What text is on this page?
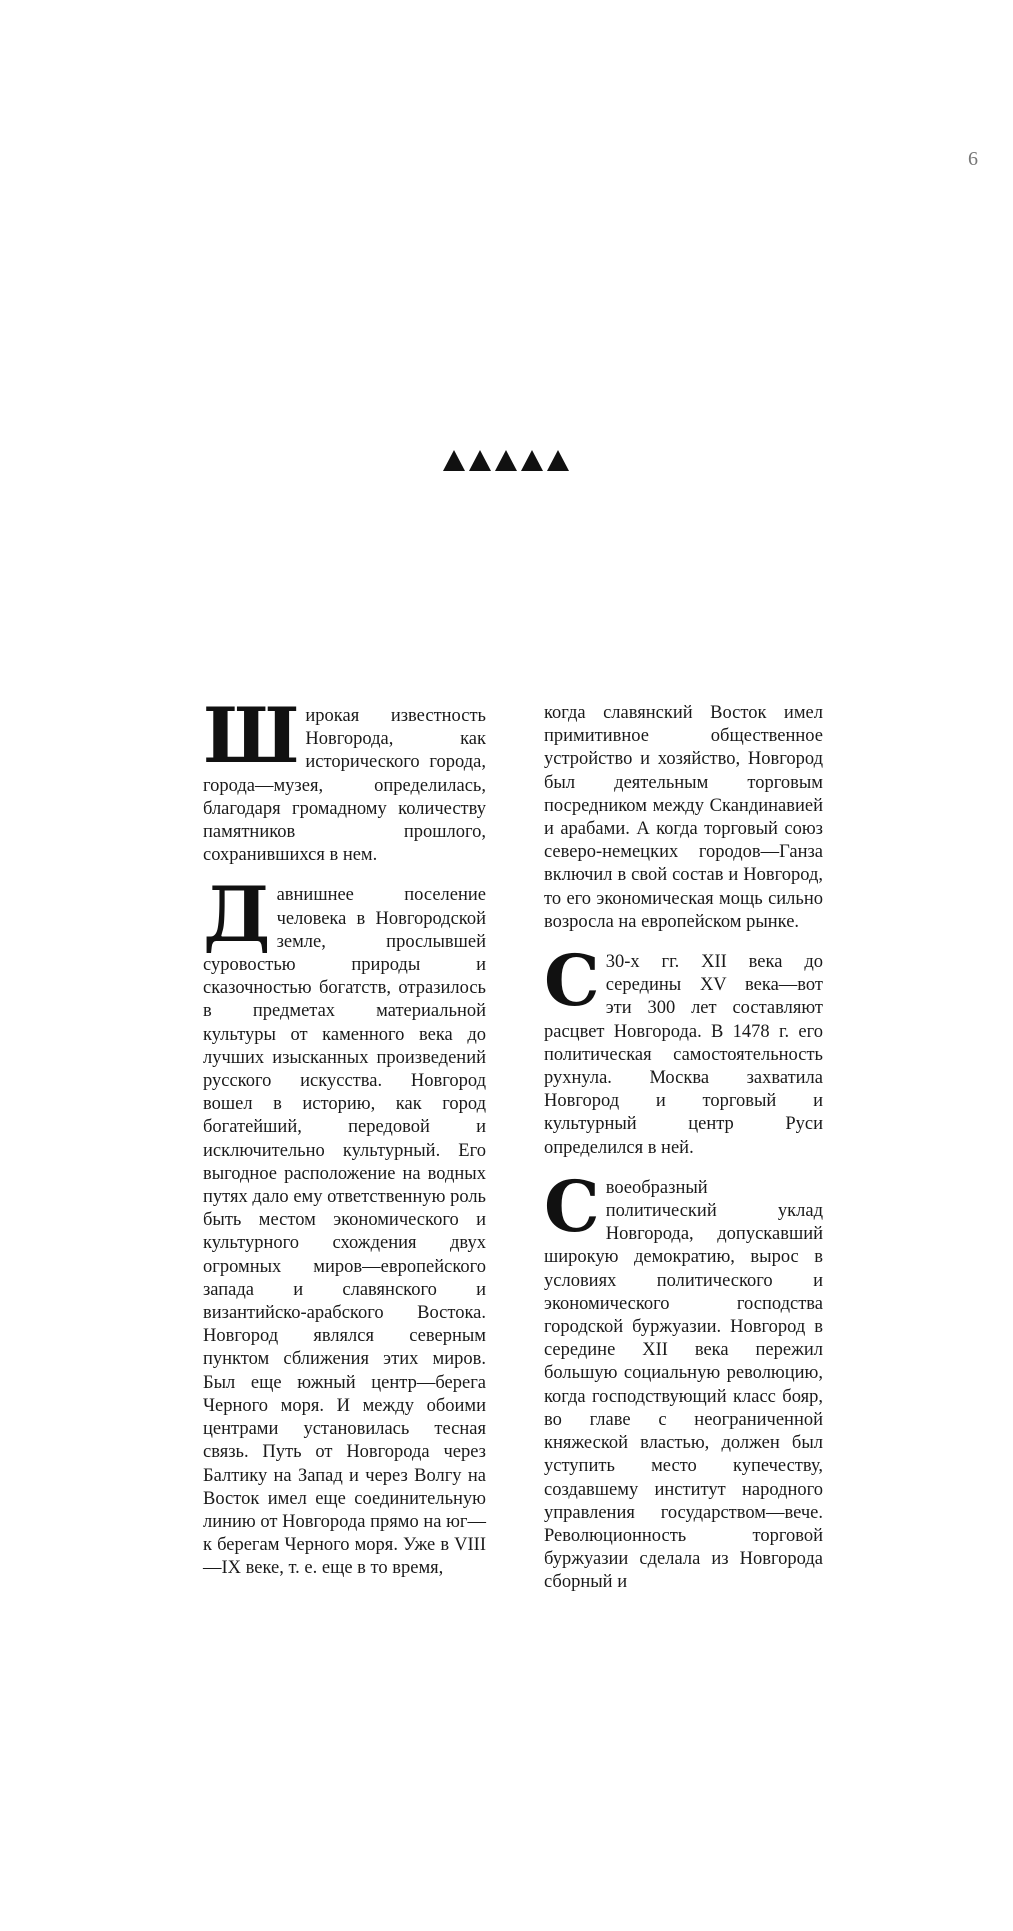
6

Ш ирокая известность Новгорода, как исторического города, города—музея, определилась, благодаря громадному количеству памятников прошлого, сохранившихся в нем.

Д авнишнее поселение человека в Новгородской земле, прослывшей суровостью природы и сказочностью богатств, отразилось в предметах материальной культуры от каменного века до лучших изысканных произведений русского искусства. Новгород вошел в историю, как город богатейший, передовой и исключительно культурный. Его выгодное расположение на водных путях дало ему ответственную роль быть местом экономического и культурного схождения двух огромных миров—европейского запада и славянского и византийско-арабского Востока. Новгород являлся северным пунктом сближения этих миров. Был еще южный центр—берега Черного моря. И между обоими центрами установилась тесная связь. Путь от Новгорода через Балтику на Запад и через Волгу на Восток имел еще соединительную линию от Новгорода прямо на юг—к берегам Черного моря. Уже в VIII—IX веке, т. е. еще в то время,

когда славянский Восток имел примитивное общественное устройство и хозяйство, Новгород был деятельным торговым посредником между Скандинавией и арабами. А когда торговый союз северо-немецких городов—Ганза включил в свой состав и Новгород, то его экономическая мощь сильно возросла на европейском рынке.

С 30-х гг. XII века до середины XV века—вот эти 300 лет составляют расцвет Новгорода. В 1478 г. его политическая самостоятельность рухнула. Москва захватила Новгород и торговый и культурный центр Руси определился в ней.

С воеобразный политический уклад Новгорода, допускавший широкую демократию, вырос в условиях политического и экономического господства городской буржуазии. Новгород в середине XII века пережил большую социальную революцию, когда господствующий класс бояр, во главе с неограниченной княжеской властью, должен был уступить место купечеству, создавшему институт народного управления государством—вече. Революционность торговой буржуазии сделала из Новгорода сборный и
